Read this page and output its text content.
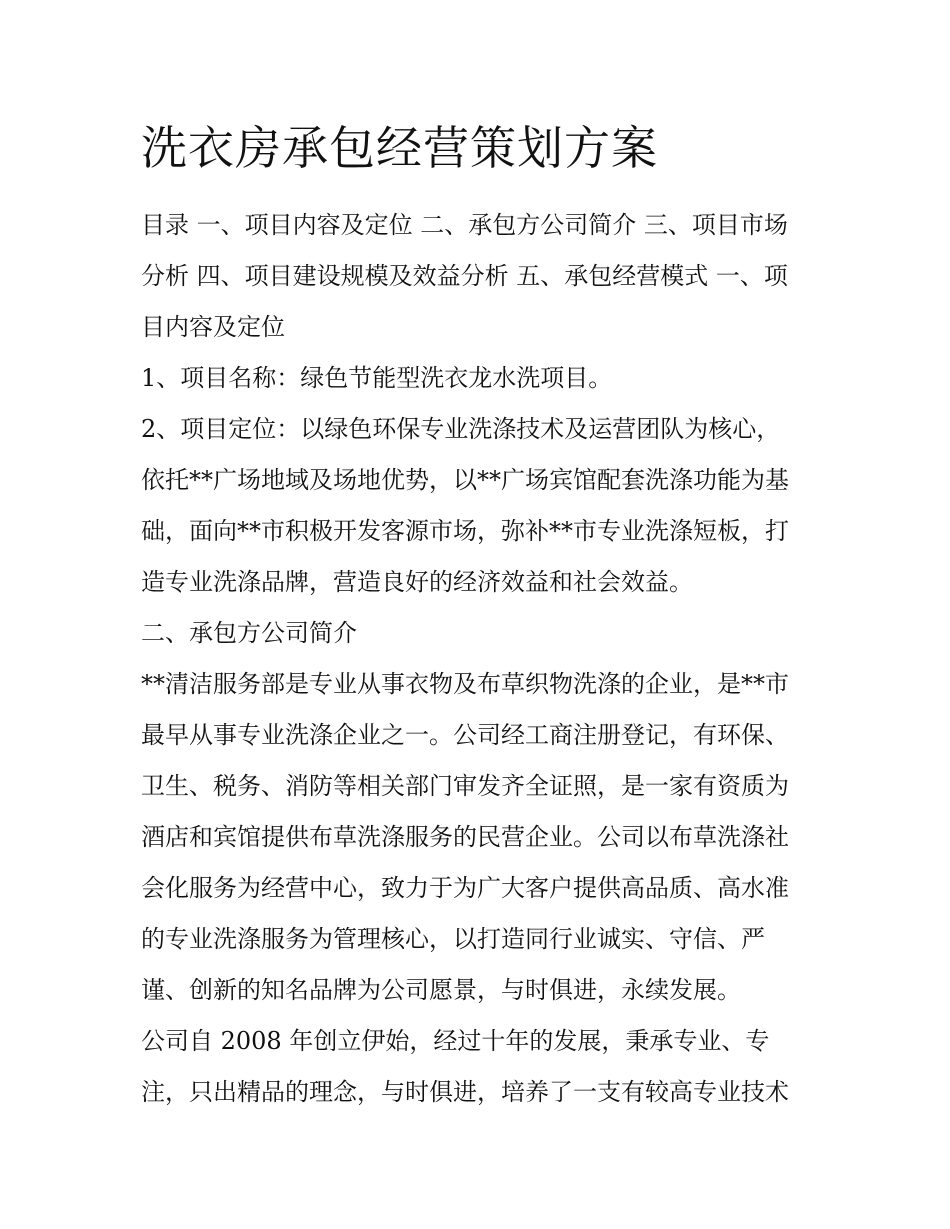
洗衣房承包经营策划方案

目录 一、项目内容及定位 二、承包方公司简介 三、项目市场
分析 四、项目建设规模及效益分析 五、承包经营模式 一、项
目内容及定位

1、项目名称：绿色节能型洗衣龙水洗项目。

2、项目定位：以绿色环保专业洗涤技术及运营团队为核心，
依托**广场地域及场地优势，以**广场宾馆配套洗涤功能为基
础，面向**市积极开发客源市场，弥补**市专业洗涤短板，打
造专业洗涤品牌，营造良好的经济效益和社会效益。

二、承包方公司简介

**清洁服务部是专业从事衣物及布草织物洗涤的企业，是**市
最早从事专业洗涤企业之一。公司经工商注册登记，有环保、
卫生、税务、消防等相关部门审发齐全证照，是一家有资质为
酒店和宾馆提供布草洗涤服务的民营企业。公司以布草洗涤社
会化服务为经营中心，致力于为广大客户提供高品质、高水准
的专业洗涤服务为管理核心，以打造同行业诚实、守信、严
谨、创新的知名品牌为公司愿景，与时俱进，永续发展。

公司自 2008 年创立伊始，经过十年的发展，秉承专业、专
注，只出精品的理念，与时俱进，培养了一支有较高专业技术
